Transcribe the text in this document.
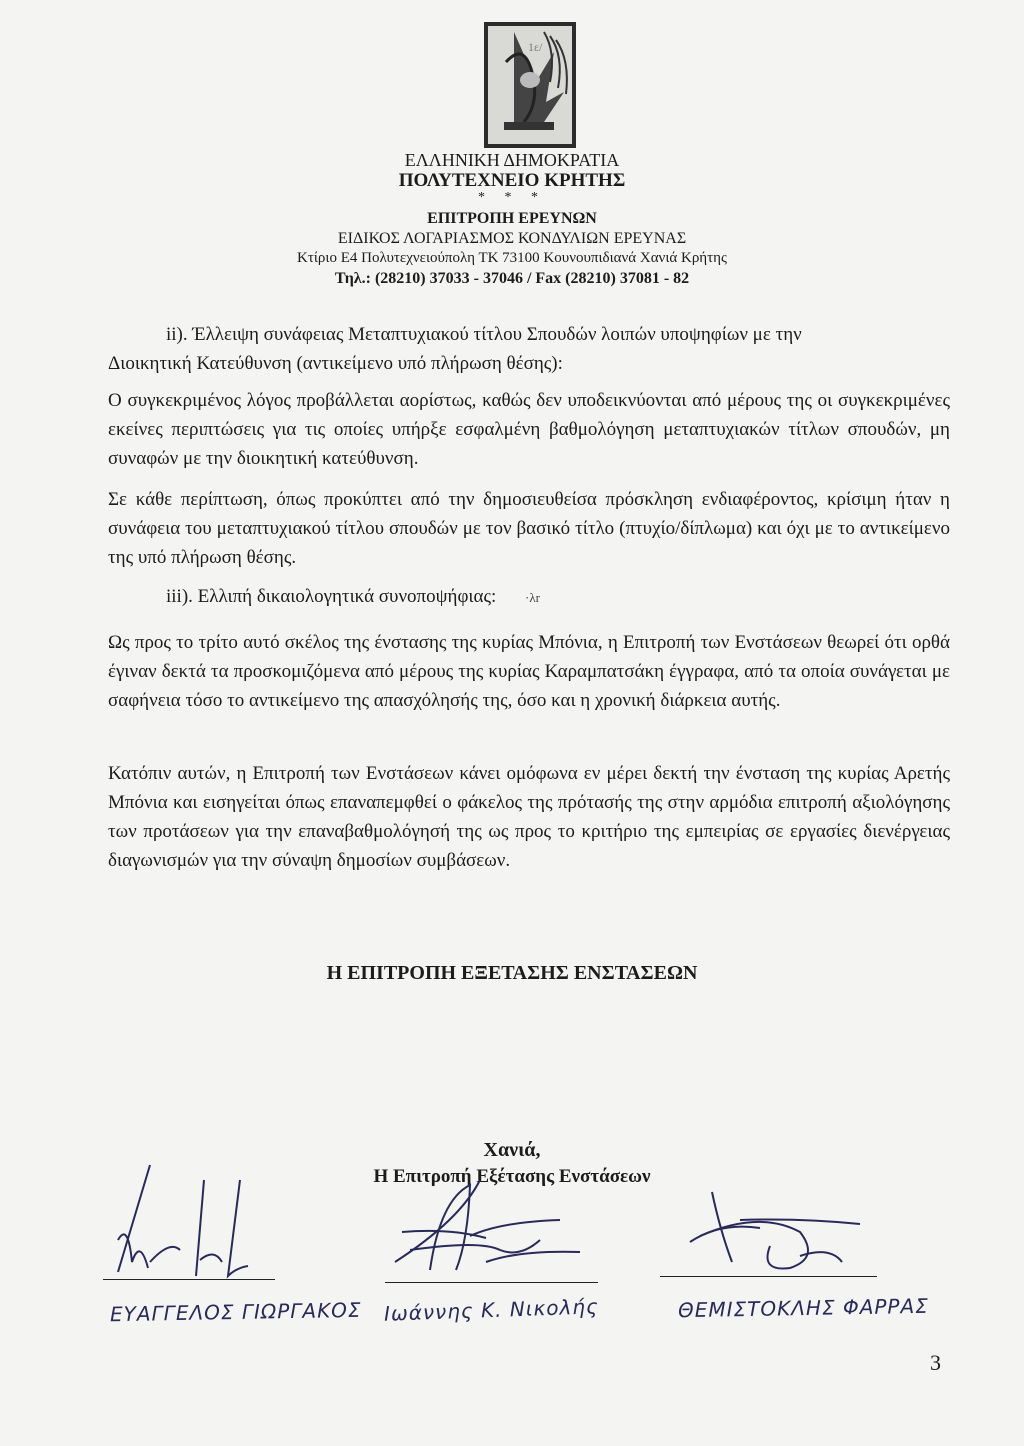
1ε/
ΕΛΛΗΝΙΚΗ ΔΗΜΟΚΡΑΤΙΑ
ΠΟΛΥΤΕΧΝΕΙΟ ΚΡΗΤΗΣ
* * *
ΕΠΙΤΡΟΠΗ ΕΡΕΥΝΩΝ
ΕΙΔΙΚΟΣ ΛΟΓΑΡΙΑΣΜΟΣ ΚΟΝΔΥΛΙΩΝ ΕΡΕΥΝΑΣ
Κτίριο Ε4 Πολυτεχνειούπολη ΤΚ 73100 Κουνουπιδιανά Χανιά Κρήτης
Τηλ.: (28210) 37033 - 37046 / Fax (28210) 37081 - 82
ii). Έλλειψη συνάφειας Μεταπτυχιακού τίτλου Σπουδών λοιπών υποψηφίων με την
Διοικητική Κατεύθυνση (αντικείμενο υπό πλήρωση θέσης):
Ο συγκεκριμένος λόγος προβάλλεται αορίστως, καθώς δεν υποδεικνύονται από μέρους της οι συγκεκριμένες εκείνες περιπτώσεις για τις οποίες υπήρξε εσφαλμένη βαθμολόγηση μεταπτυχιακών τίτλων σπουδών, μη συναφών με την διοικητική κατεύθυνση.
Σε κάθε περίπτωση, όπως προκύπτει από την δημοσιευθείσα πρόσκληση ενδιαφέροντος, κρίσιμη ήταν η συνάφεια του μεταπτυχιακού τίτλου σπουδών με τον βασικό τίτλο (πτυχίο/δίπλωμα) και όχι με το αντικείμενο της υπό πλήρωση θέσης.
iii). Ελλιπή δικαιολογητικά συνοποψήφιας: ·λr
Ως προς το τρίτο αυτό σκέλος της ένστασης της κυρίας Μπόνια, η Επιτροπή των Ενστάσεων θεωρεί ότι ορθά έγιναν δεκτά τα προσκομιζόμενα από μέρους της κυρίας Καραμπατσάκη έγγραφα, από τα οποία συνάγεται με σαφήνεια τόσο το αντικείμενο της απασχόλησής της, όσο και η χρονική διάρκεια αυτής.
Κατόπιν αυτών, η Επιτροπή των Ενστάσεων κάνει ομόφωνα εν μέρει δεκτή την ένσταση της κυρίας Αρετής Μπόνια και εισηγείται όπως επαναπεμφθεί ο φάκελος της πρότασής της στην αρμόδια επιτροπή αξιολόγησης των προτάσεων για την επαναβαθμολόγησή της ως προς το κριτήριο της εμπειρίας σε εργασίες διενέργειας διαγωνισμών για την σύναψη δημοσίων συμβάσεων.
Η ΕΠΙΤΡΟΠΗ ΕΞΕΤΑΣΗΣ ΕΝΣΤΑΣΕΩΝ
Χανιά,
Η Επιτροπή Εξέτασης Ενστάσεων
ΕΥΑΓΓΕΛΟΣ ΓΙΩΡΓΑΚΟΣ Ιωάννης Κ. Νικολής	ΘΕΜΙΣΤΟΚΛΗΣ ΦΑΡΡΑΣ
3
